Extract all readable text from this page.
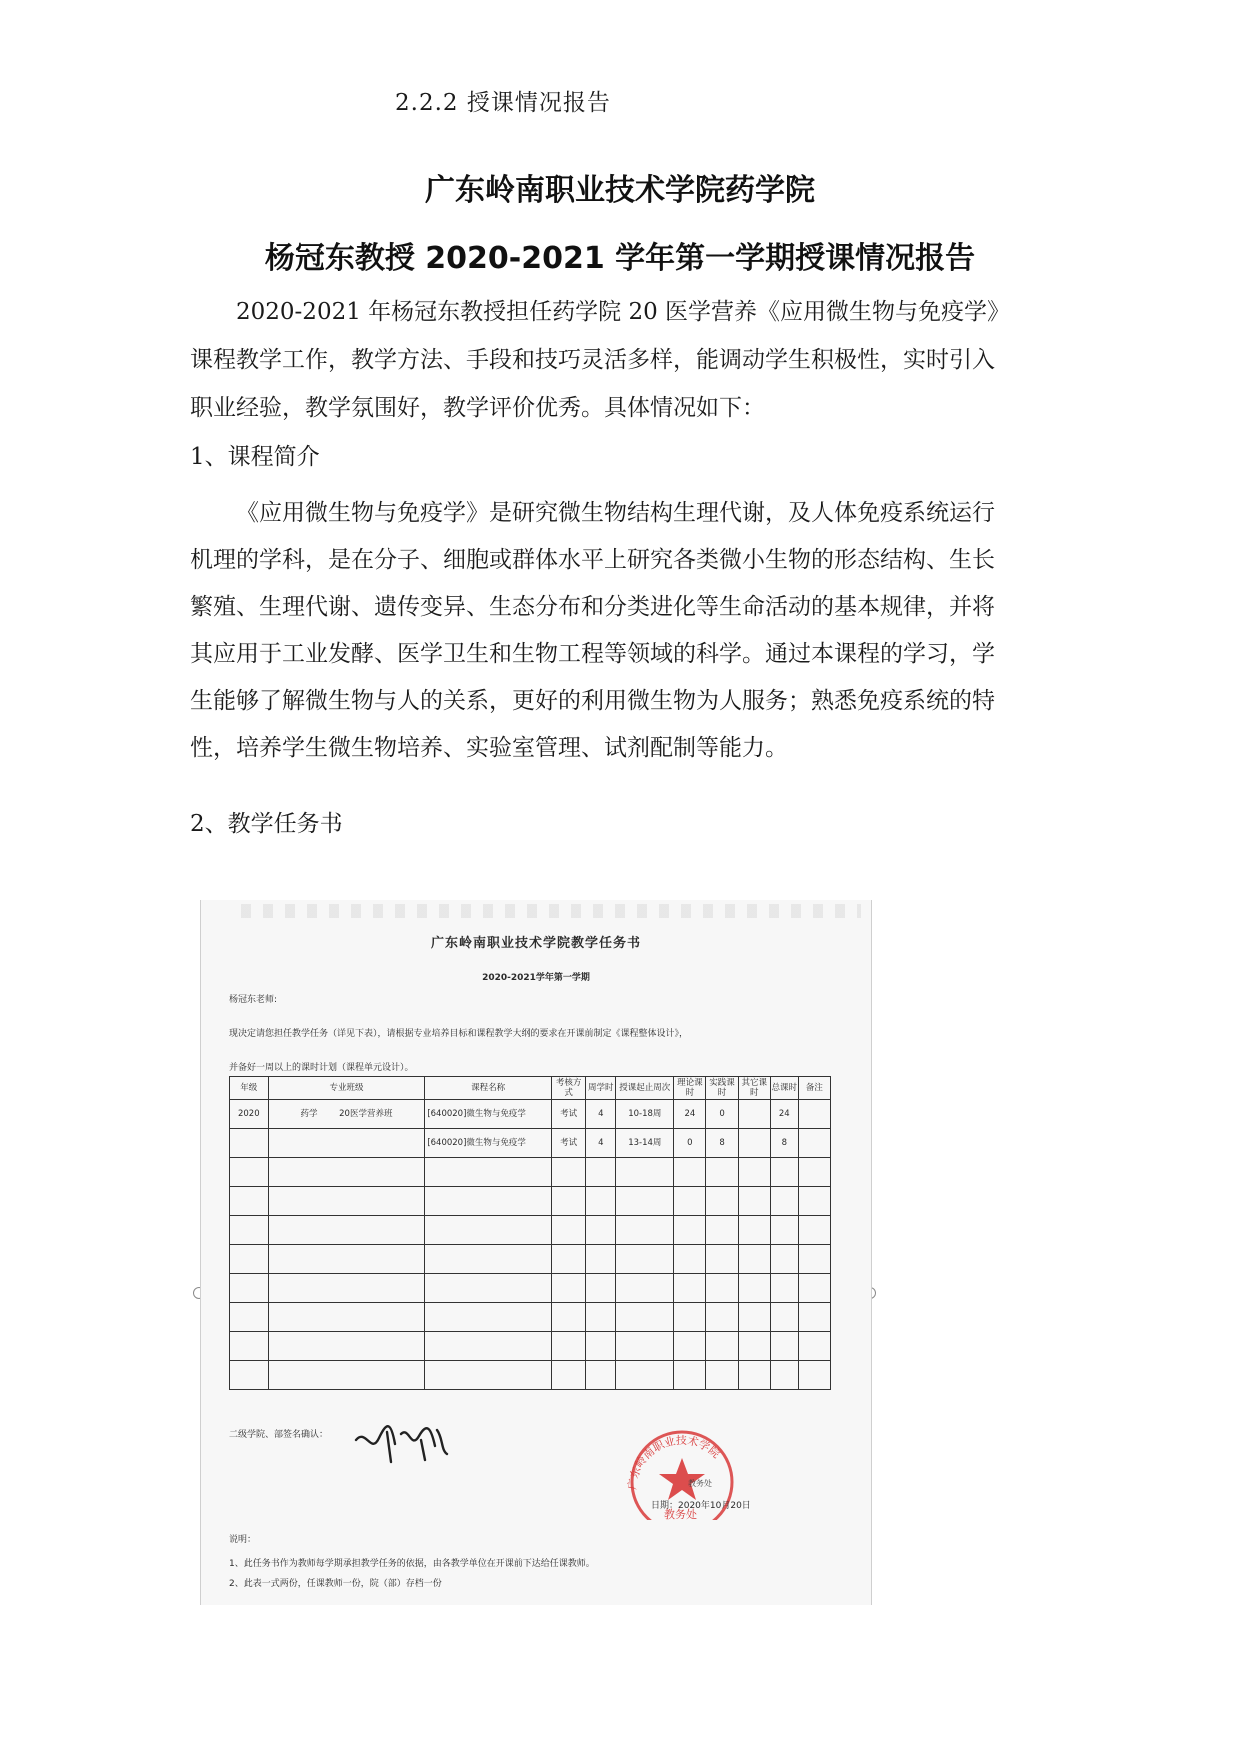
2.2.2 授课情况报告
广东岭南职业技术学院药学院
杨冠东教授 2020-2021 学年第一学期授课情况报告
2020-2021 年杨冠东教授担任药学院 20 医学营养《应用微生物与免疫学》
课程教学工作，教学方法、手段和技巧灵活多样，能调动学生积极性，实时引入
职业经验，教学氛围好，教学评价优秀。具体情况如下：
1、课程简介
《应用微生物与免疫学》是研究微生物结构生理代谢，及人体免疫系统运行
机理的学科，是在分子、细胞或群体水平上研究各类微小生物的形态结构、生长
繁殖、生理代谢、遗传变异、生态分布和分类进化等生命活动的基本规律，并将
其应用于工业发酵、医学卫生和生物工程等领域的科学。通过本课程的学习，学
生能够了解微生物与人的关系，更好的利用微生物为人服务；熟悉免疫系统的特
性，培养学生微生物培养、实验室管理、试剂配制等能力。
2、教学任务书
广东岭南职业技术学院教学任务书
2020-2021学年第一学期
杨冠东老师:
现决定请您担任教学任务（详见下表），请根据专业培养目标和课程教学大纲的要求在开课前制定《课程整体设计》，
并备好一周以上的课时计划（课程单元设计）。
年级	专业班级	课程名称	考核方式	周学时	授课起止周次	理论课时	实践课时	其它课时	总课时	备注
2020	药学 20医学营养班	[640020]微生物与免疫学	考试	4	10-18周	24	0		24	
		[640020]微生物与免疫学	考试	4	13-14周	0	8		8	

二级学院、部签名确认：
广东岭南职业技术学院
教务处
教务处
日期：2020年10月20日
说明：
1、此任务书作为教师每学期承担教学任务的依据，由各教学单位在开课前下达给任课教师。
2、此表一式两份，任课教师一份，院（部）存档一份
